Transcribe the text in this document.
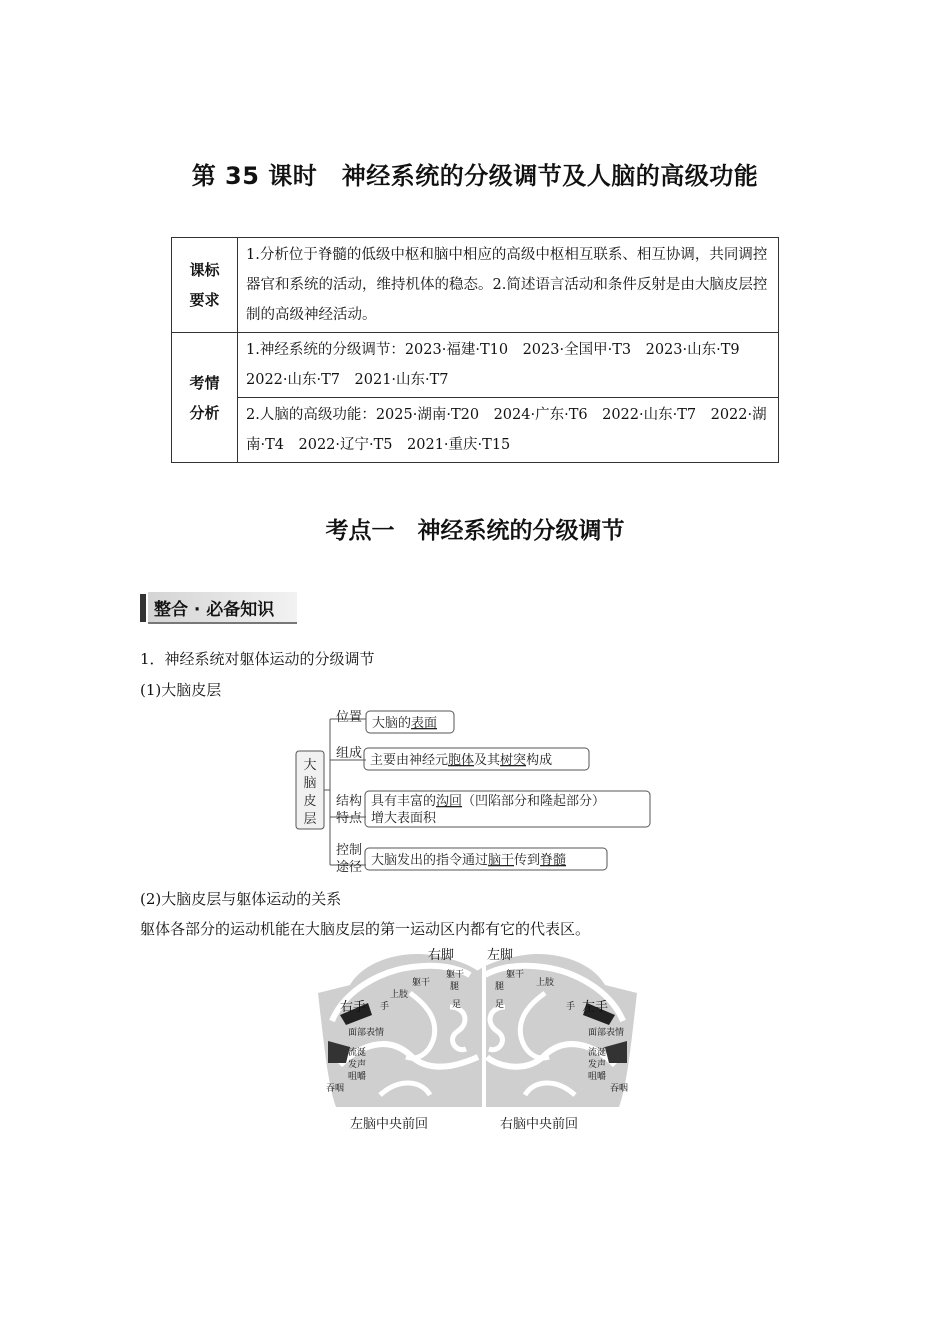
第 35 课时　神经系统的分级调节及人脑的高级功能
课标要求	1.分析位于脊髓的低级中枢和脑中相应的高级中枢相互联系、相互协调，共同调控器官和系统的活动，维持机体的稳态。2.简述语言活动和条件反射是由大脑皮层控制的高级神经活动。

考情分析	1.神经系统的分级调节：2023·福建·T10　2023·全国甲·T3　2023·山东·T9　2022·山东·T7　2021·山东·T7
	2.人脑的高级功能：2025·湖南·T20　2024·广东·T6　2022·山东·T7　2022·湖南·T4　2022·辽宁·T5　2021·重庆·T15
考点一　神经系统的分级调节
整合 · 必备知识
1．神经系统对躯体运动的分级调节
(1)大脑皮层
大
脑
皮
层
位置
组成
结构
特点
控制
途径
大脑的表面
主要由神经元胞体及其树突构成
具有丰富的沟回（凹陷部分和隆起部分）
增大表面积
大脑发出的指令通过脑干传到脊髓
(2)大脑皮层与躯体运动的关系
躯体各部分的运动机能在大脑皮层的第一运动区内都有它的代表区。
右脚	左脚
右手	左手
上肢
躯干
躯干
腿
足
手
面部表情
流涎
发声
咀嚼
吞咽
躯干
上肢
腿
足	手
面部表情
流涎
发声
咀嚼
吞咽
左脑中央前回	右脑中央前回
